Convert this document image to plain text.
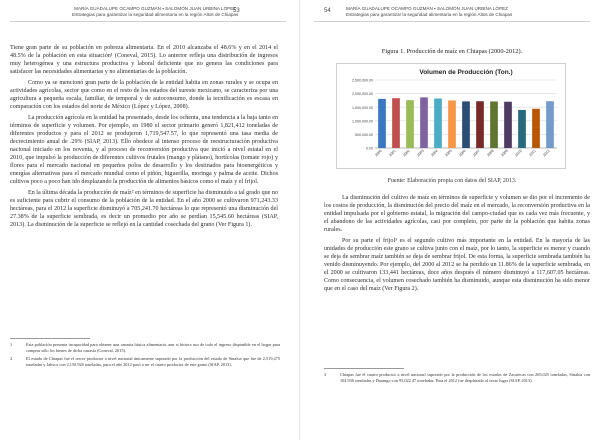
MARÍA GUADALUPE OCAMPO GUZMÁN ▪ SALOMÓN JUAN URBINA LÓPEZ
Estrategias para garantizar la seguridad alimentaria en la región Altos de Chiapas
53

Tiene gran parte de su población en pobreza alimentaria. En el 2010 alcanzaba el 48.6% y en el 2014 el 48.5% de la población en esta situación¹ (Coneval, 2015). Lo anterior refleja una distribución de ingresos muy heterogénea y una estructura productiva y laboral deficiente que no genera las condiciones para satisfacer las necesidades alimentarias y no alimentarias de la población.

Como ya se mencionó gran parte de la población de la entidad habita en zonas rurales y se ocupa en actividades agrícolas, sector que como en el resto de los estados del sureste mexicano, se caracteriza por una agricultura a pequeña escala, familiar, de temporal y de autoconsumo, donde la tecnificación es escasa en comparación con los estados del norte de México (López y López, 2008).

La producción agrícola en la entidad ha presentado, desde los ochenta, una tendencia a la baja tanto en términos de superficie y volumen. Por ejemplo, en 1980 el sector primario generó 1,821,412 toneladas de diferentes productos y para el 2012 se produjeron 1,719,547.57, lo que representó una tasa media de decrecimiento anual de .29% (SIAP, 2013). Ello obedece al intenso proceso de reestructuración productiva nacional iniciado en los noventa, y al proceso de reconversión productiva que inició a nivel estatal en el 2010, que impulsó la producción de diferentes cultivos frutales (mango y plátano), hortícolas (tomate rojo) y flores para el mercado nacional en pequeños polos de desarrollo y los destinados para bioenergéticos y energías alternativas para el mercado mundial como el piñón, higuerilla, moringa y palma de aceite. Dichos cultivos poco a poco han ido desplazando la producción de alimentos básicos como el maíz y el frijol.

En la última década la producción de maíz² en términos de superficie ha disminuido a tal grado que no es suficiente para cubrir el consumo de la población de la entidad. En el año 2000 se cultivaron 971,243.33 hectáreas, para el 2012 la superficie disminuyó a 705,241.70 hectáreas lo que representó una disminución del 27.38% de la superficie sembrada, es decir un promedio por año se perdían 15,545.60 hectáreas (SIAP, 2013). La disminución de la superficie se reflejó en la cantidad cosechada del grano (Ver Figura 1).

1	Esta población presenta incapacidad para obtener una canasta básica alimentaria, aun si hiciera uso de todo el ingreso disponible en el hogar para comprar sólo los bienes de dicha canasta (Coneval, 2015).
2	El estado de Chiapas fue el tercer productor a nivel nacional únicamente superado por la producción del estado de Sinaloa que fue de 2,519,475 toneladas y Jalisco con 2,150,926 toneladas, para el año 2012 pasó a ser el cuarto productor de este grano (SIAP, 2013).
54	MARÍA GUADALUPE OCAMPO GUZMÁN ▪ SALOMÓN JUAN URBINA LÓPEZ
Estrategias para garantizar la seguridad alimentaria en la región Altos de Chiapas
Figura 1. Producción de maíz en Chiapas (2000-2012).
Volumen de Producción (Ton.)
0.00
500,000.00
1,000,000.00
1,500,000.00
2,000,000.00
2,500,000.00
2000 2001 2002 2003 2004 2005 2006 2007 2008 2009 2010 2011 2012
Fuente: Elaboración propia con datos del SIAP, 2013.

La disminución del cultivo de maíz en términos de superficie y volumen se dio por el incremento de los costos de producción, la disminución del precio del maíz en el mercado, la reconversión productiva en la entidad impulsada por el gobierno estatal, la migración del campo-ciudad que es cada vez más frecuente, y el abandono de las actividades agrícolas, casi por completo, por parte de la población que habita zonas rurales.

Por su parte el frijol³ es el segundo cultivo más importante en la entidad. En la mayoría de las unidades de producción este grano se cultiva junto con el maíz, por lo tanto, la superficie es menor y cuando se deja de sembrar maíz también se deja de sembrar frijol. De esta forma, la superficie sembrada también ha venido disminuyendo. Por ejemplo, del 2000 al 2012 se ha perdido un 11.86% de la superficie sembrada, en el 2000 se cultivaron 133,441 hectáreas, doce años después él número disminuyó a 117,607.05 hectáreas. Como consecuencia, el volumen cosechado también ha disminuido, aunque esta disminución ha sido menor que en el caso del maíz (Ver Figura 2).

3	Chiapas fue el cuarto productor a nivel nacional superado por la producción de los estados de Zacatecas con 265,025 toneladas, Sinaloa con 104,936 toneladas y Durango con 95,022.47 toneladas. Para el 2012 fue desplazado al sexto lugar (SIAP, 2013).
